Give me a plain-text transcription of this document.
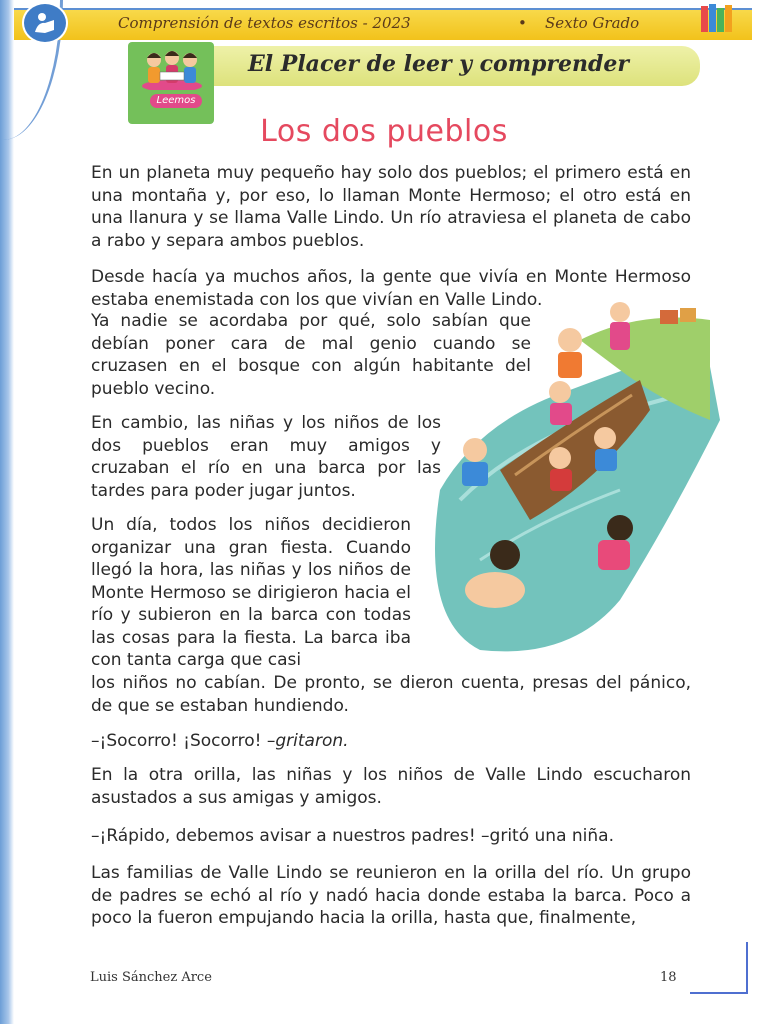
Comprensión de textos escritos - 2023	• Sexto Grado
Leemos
El Placer de leer y comprender
Los dos pueblos

En un planeta muy pequeño hay solo dos pueblos; el primero está en una montaña y, por eso, lo llaman Monte Hermoso; el otro está en una llanura y se llama Valle Lindo. Un río atraviesa el planeta de cabo a rabo y separa ambos pueblos.

Desde hacía ya muchos años, la gente que vivía en Monte Hermoso estaba enemistada con los que vivían en Valle Lindo.

Ya nadie se acordaba por qué, solo sabían que debían poner cara de mal genio cuando se cruzasen en el bosque con algún habitante del pueblo vecino.

En cambio, las niñas y los niños de los dos pueblos eran muy amigos y cruzaban el río en una barca por las tardes para poder jugar juntos.

Un día, todos los niños decidieron organizar una gran fiesta. Cuando llegó la hora, las niñas y los niños de Monte Hermoso se dirigieron hacia el río y subieron en la barca con todas las cosas para la fiesta. La barca iba con tanta carga que casi

los niños no cabían. De pronto, se dieron cuenta, presas del pánico, de que se estaban hundiendo.

–¡Socorro! ¡Socorro! –gritaron.

En la otra orilla, las niñas y los niños de Valle Lindo escucharon asustados a sus amigas y amigos.

–¡Rápido, debemos avisar a nuestros padres! –gritó una niña.

Las familias de Valle Lindo se reunieron en la orilla del río. Un grupo de padres se echó al río y nadó hacia donde estaba la barca. Poco a poco la fueron empujando hacia la orilla, hasta que, finalmente,

Luis Sánchez Arce	18
